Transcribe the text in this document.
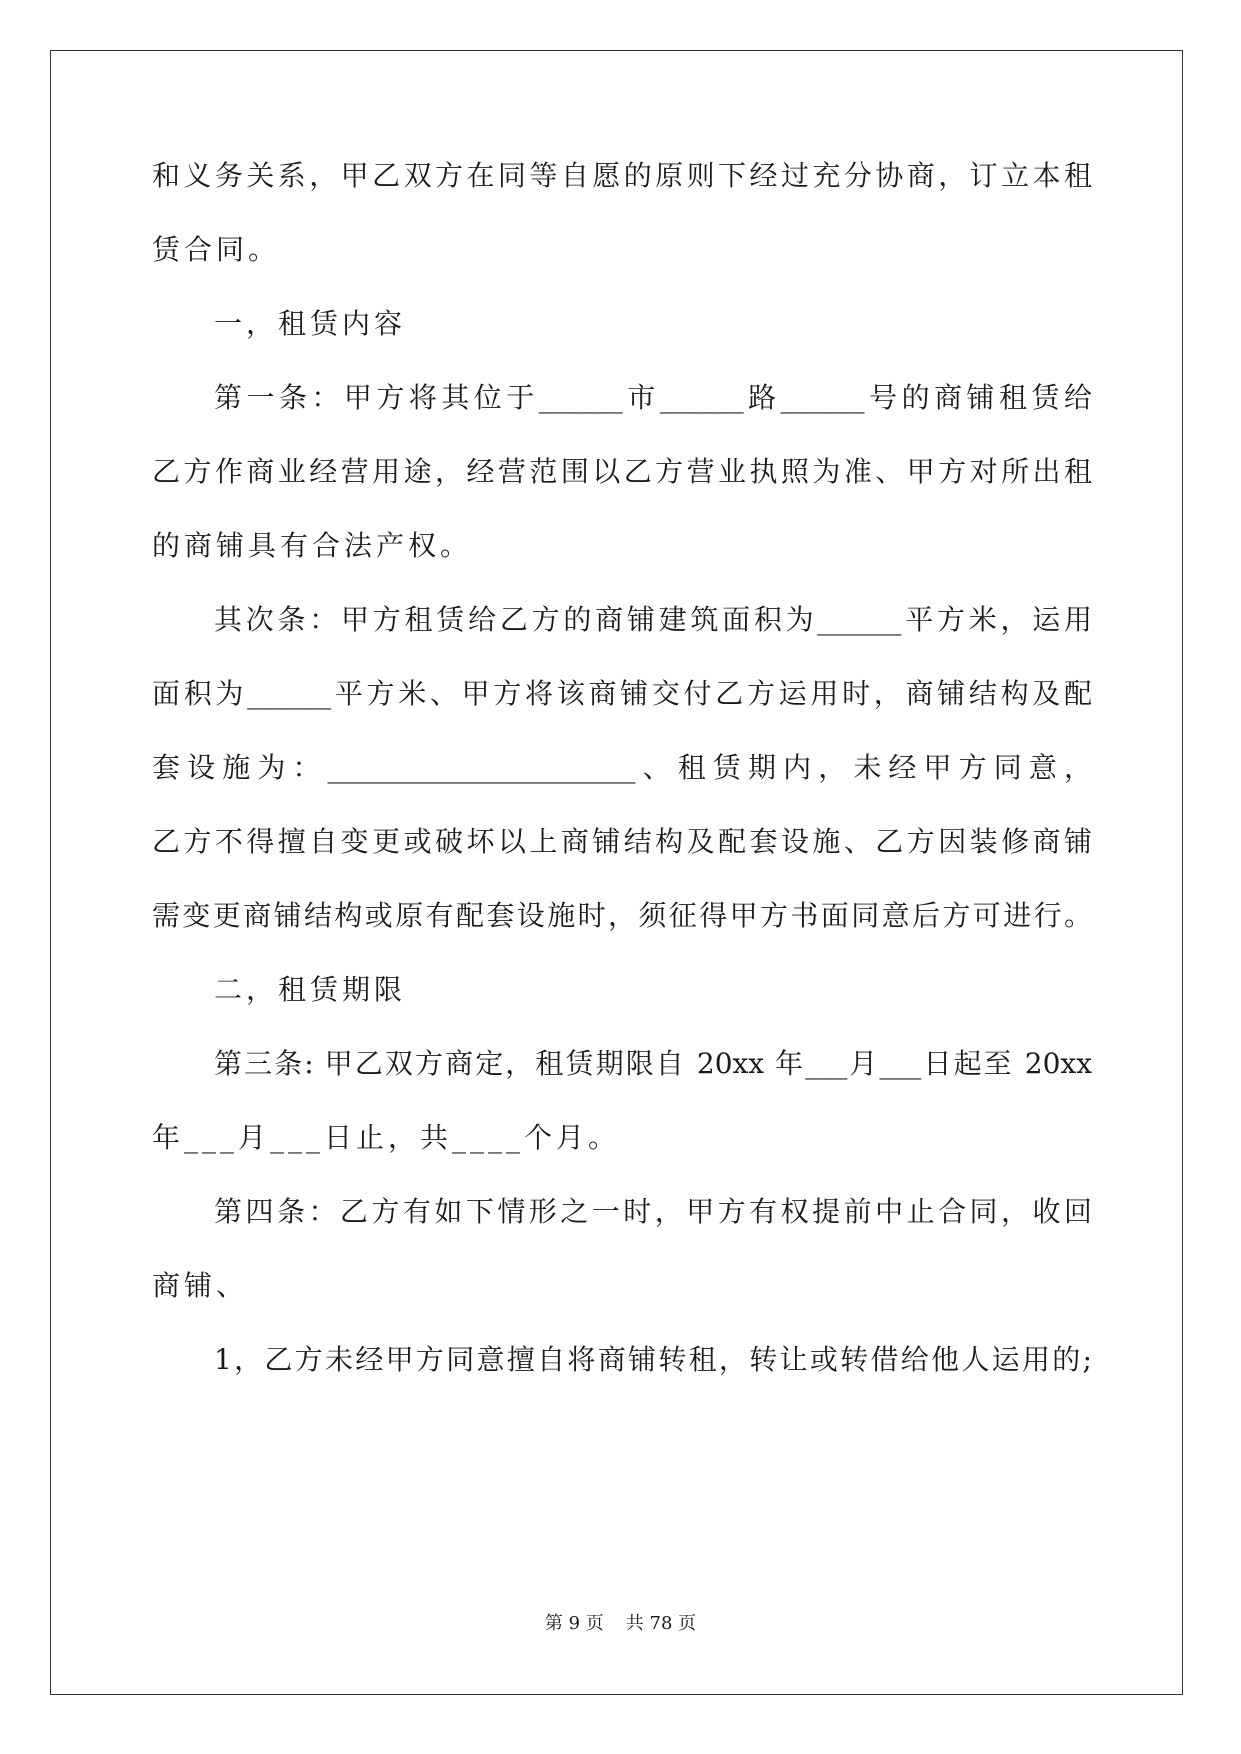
和义务关系，甲乙双方在同等自愿的原则下经过充分协商，订立本租

赁合同。

一，租赁内容

第一条：甲方将其位于______市______路______号的商铺租赁给

乙方作商业经营用途，经营范围以乙方营业执照为准、甲方对所出租

的商铺具有合法产权。

其次条：甲方租赁给乙方的商铺建筑面积为______平方米，运用

面积为______平方米、甲方将该商铺交付乙方运用时，商铺结构及配

套设施为：______________________、租赁期内，未经甲方同意，

乙方不得擅自变更或破坏以上商铺结构及配套设施、乙方因装修商铺

需变更商铺结构或原有配套设施时，须征得甲方书面同意后方可进行。

二，租赁期限

第三条: 甲乙双方商定，租赁期限自 20xx 年___月___日起至 20xx

年___月___日止，共____个月。

第四条：乙方有如下情形之一时，甲方有权提前中止合同，收回

商铺、

1，乙方未经甲方同意擅自将商铺转租，转让或转借给他人运用的;

第 9 页 共 78 页
